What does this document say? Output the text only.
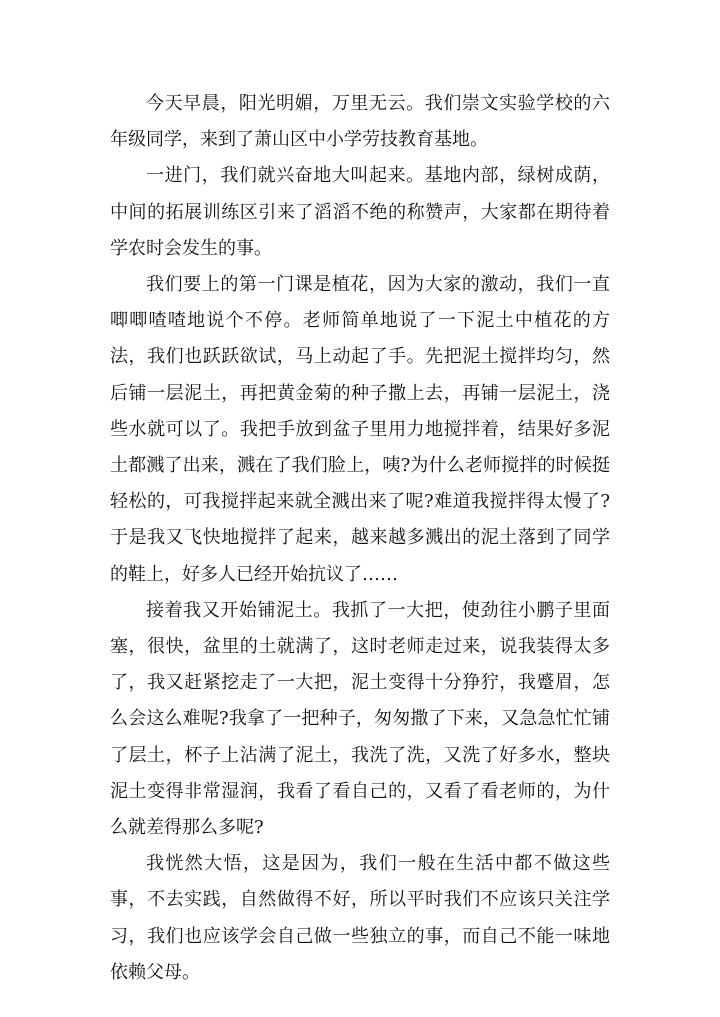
今天早晨，阳光明媚，万里无云。我们崇文实验学校的六年级同学，来到了萧山区中小学劳技教育基地。

一进门，我们就兴奋地大叫起来。基地内部，绿树成荫，中间的拓展训练区引来了滔滔不绝的称赞声，大家都在期待着学农时会发生的事。

我们要上的第一门课是植花，因为大家的激动，我们一直唧唧喳喳地说个不停。老师简单地说了一下泥土中植花的方法，我们也跃跃欲试，马上动起了手。先把泥土搅拌均匀，然后铺一层泥土，再把黄金菊的种子撒上去，再铺一层泥土，浇些水就可以了。我把手放到盆子里用力地搅拌着，结果好多泥土都溅了出来，溅在了我们脸上，咦?为什么老师搅拌的时候挺轻松的，可我搅拌起来就全溅出来了呢?难道我搅拌得太慢了?于是我又飞快地搅拌了起来，越来越多溅出的泥土落到了同学的鞋上，好多人已经开始抗议了……

接着我又开始铺泥土。我抓了一大把，使劲往小鹏子里面塞，很快，盆里的土就满了，这时老师走过来，说我装得太多了，我又赶紧挖走了一大把，泥土变得十分狰狞，我蹙眉，怎么会这么难呢?我拿了一把种子，匆匆撒了下来，又急急忙忙铺了层土，杯子上沾满了泥土，我洗了洗，又洗了好多水，整块泥土变得非常湿润，我看了看自己的，又看了看老师的，为什么就差得那么多呢?

我恍然大悟，这是因为，我们一般在生活中都不做这些事，不去实践，自然做得不好，所以平时我们不应该只关注学习，我们也应该学会自己做一些独立的事，而自己不能一味地依赖父母。
